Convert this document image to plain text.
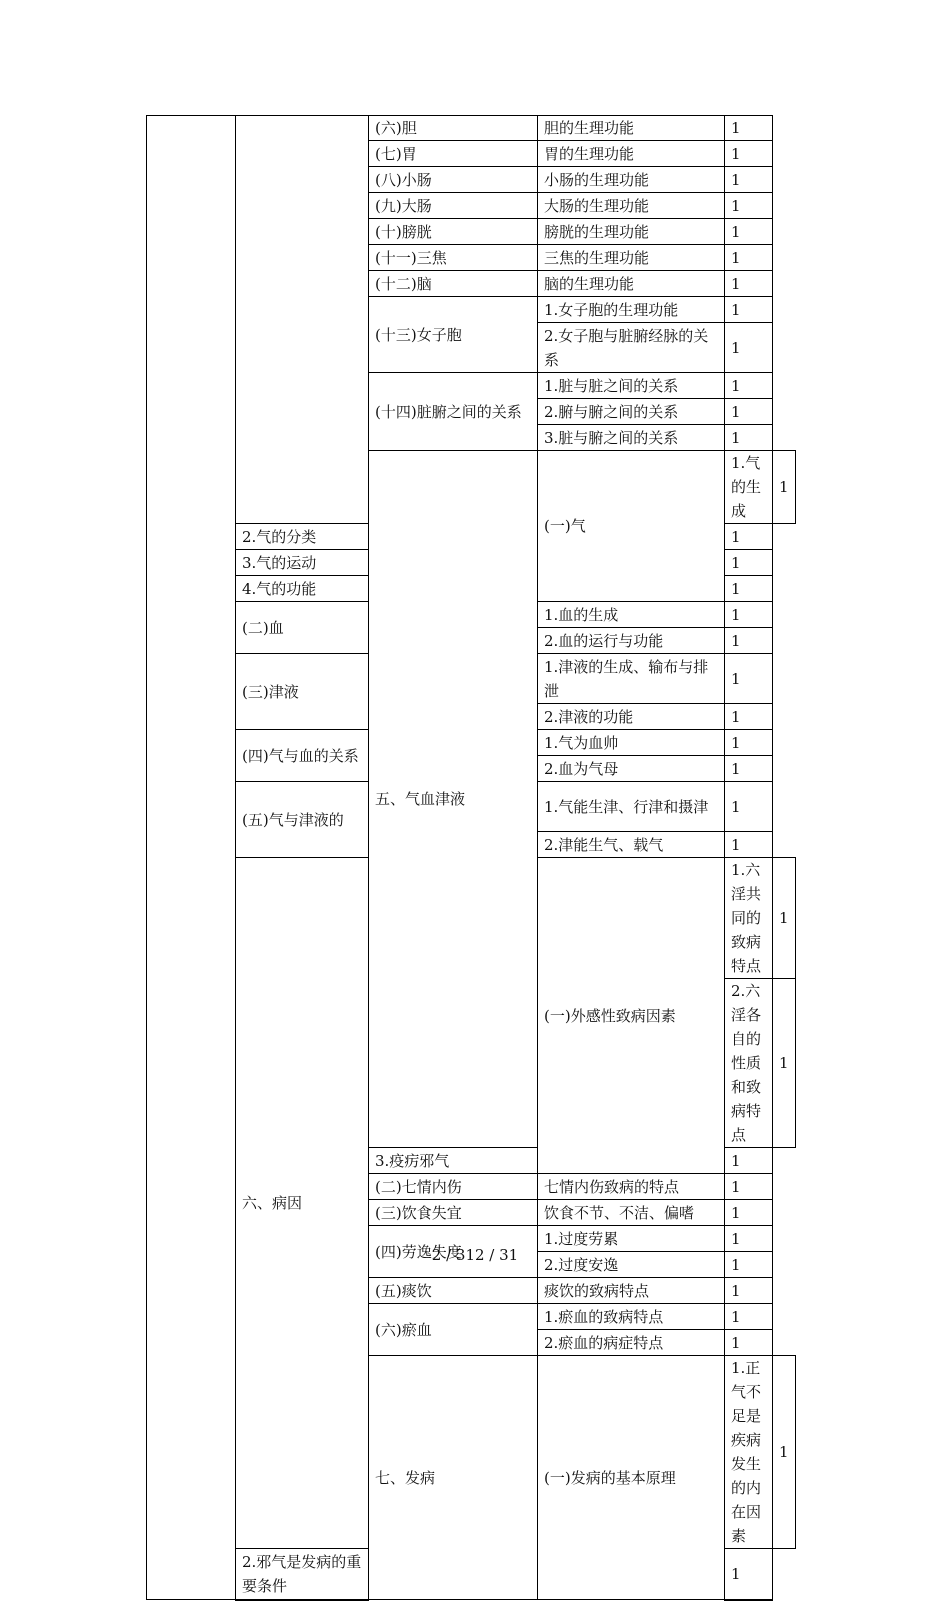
		(六)胆	胆的生理功能	1	
		(七)胃	胃的生理功能	1	
		(八)小肠	小肠的生理功能	1	
		(九)大肠	大肠的生理功能	1	
		(十)膀胱	膀胱的生理功能	1	
		(十一)三焦	三焦的生理功能	1	
		(十二)脑	脑的生理功能	1	
		(十三)女子胞	1.女子胞的生理功能	1	
			2.女子胞与脏腑经脉的关系	1	
		(十四)脏腑之间的关系	1.脏与脏之间的关系	1	
			2.腑与腑之间的关系	1	
			3.脏与腑之间的关系	1	
		五、气血津液	(一)气	1.气的生成	1
	2.气的分类			1	
	3.气的运动			1	
	4.气的功能			1	
	(二)血		1.血的生成	1	
			2.血的运行与功能	1	
	(三)津液		1.津液的生成、输布与排泄	1	
			2.津液的功能	1	
	(四)气与血的关系		1.气为血帅	1	
			2.血为气母	1	
	(五)气与津液的		1.气能生津、行津和摄津	1	
			2.津能生气、载气	1	
	六、病因		(一)外感性致病因素	1.六淫共同的致病特点	1
				2.六淫各自的性质和致病特点	1
		3.疫疠邪气		1	
		(二)七情内伤	七情内伤致病的特点	1	
		(三)饮食失宜	饮食不节、不洁、偏嗜	1	
		(四)劳逸失度	1.过度劳累	1	
			2.过度安逸	1	
		(五)痰饮	痰饮的致病特点	1	
		(六)瘀血	1.瘀血的致病特点	1	
			2.瘀血的病症特点	1	
		七、发病	(一)发病的基本原理	1.正气不足是疾病发生的内在因素	1
	2.邪气是发病的重要条件			1	
2 / 312 / 31
